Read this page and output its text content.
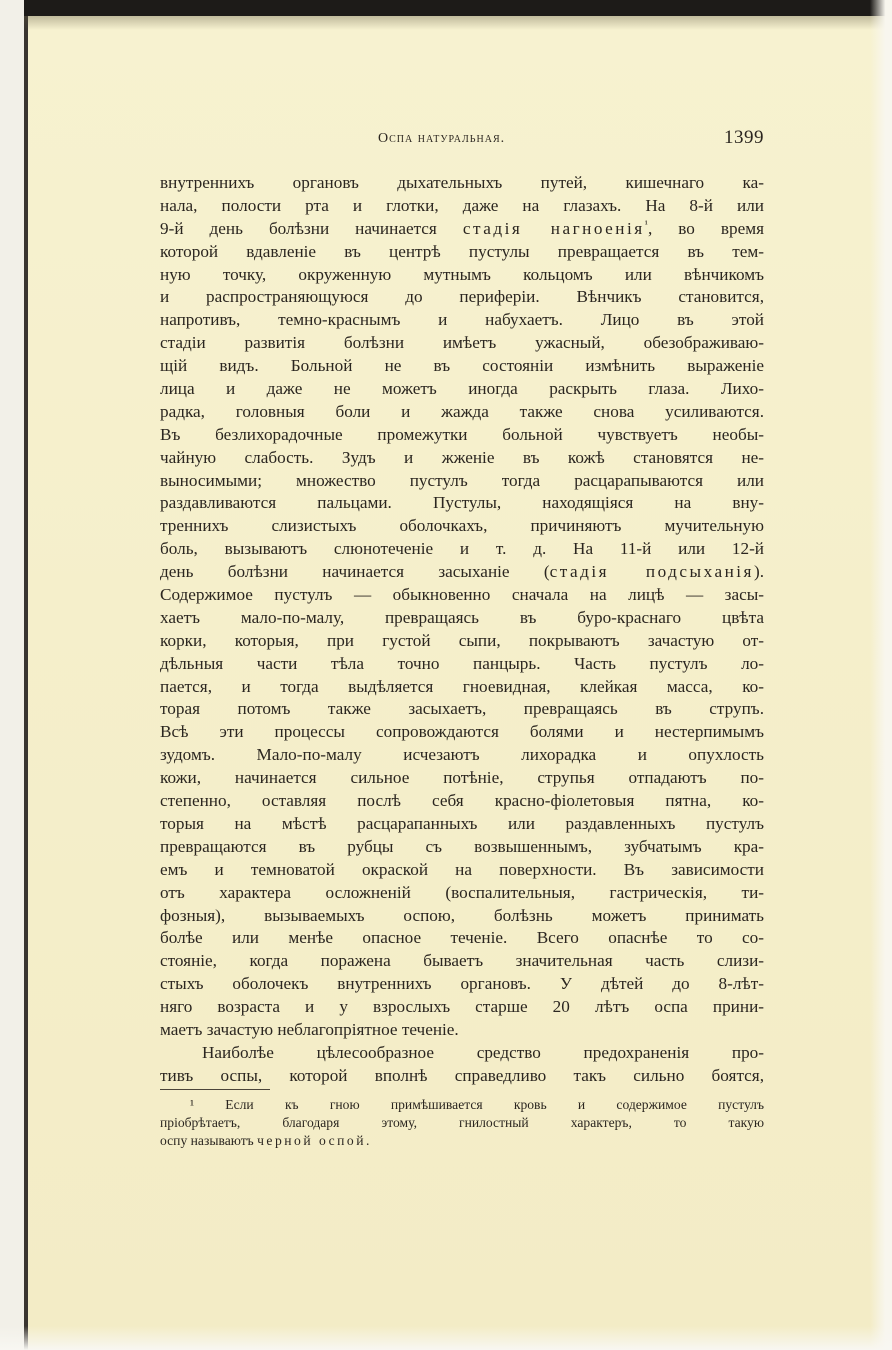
Оспа натуральная.	1399
внутреннихъ органовъ дыхательныхъ путей, кишечнаго ка-
нала, полости рта и глотки, даже на глазахъ. На 8-й или
9-й день болѣзни начинается стадія нагноенія$^{^1}$, во время
которой вдавленіе въ центрѣ пустулы превращается въ тем-
ную точку, окруженную мутнымъ кольцомъ или вѣнчикомъ
и распространяющуюся до периферіи. Вѣнчикъ становится,
напротивъ, темно-краснымъ и набухаетъ. Лицо въ этой
стадіи развитія болѣзни имѣетъ ужасный, обезображиваю-
щій видъ. Больной не въ состояніи измѣнить выраженіе
лица и даже не можетъ иногда раскрыть глаза. Лихо-
радка, головныя боли и жажда также снова усиливаются.
Въ безлихорадочные промежутки больной чувствуетъ необы-
чайную слабость. Зудъ и жженіе въ кожѣ становятся не-
выносимыми; множество пустулъ тогда расцарапываются или
раздавливаются пальцами. Пустулы, находящіяся на вну-
треннихъ слизистыхъ оболочкахъ, причиняютъ мучительную
боль, вызываютъ слюнотеченіе и т. д. На 11-й или 12-й
день болѣзни начинается засыханіе (стадія подсыханія).
Содержимое пустулъ — обыкновенно сначала на лицѣ — засы-
хаетъ мало-по-малу, превращаясь въ буро-краснаго цвѣта
корки, которыя, при густой сыпи, покрываютъ зачастую от-
дѣльныя части тѣла точно панцырь. Часть пустулъ ло-
пается, и тогда выдѣляется гноевидная, клейкая масса, ко-
торая потомъ также засыхаетъ, превращаясь въ струпъ.
Всѣ эти процессы сопровождаются болями и нестерпимымъ
зудомъ. Мало-по-малу исчезаютъ лихорадка и опухлость
кожи, начинается сильное потѣніе, струпья отпадаютъ по-
степенно, оставляя послѣ себя красно-фіолетовыя пятна, ко-
торыя на мѣстѣ расцарапанныхъ или раздавленныхъ пустулъ
превращаются въ рубцы съ возвышеннымъ, зубчатымъ кра-
емъ и темноватой окраской на поверхности. Въ зависимости
отъ характера осложненій (воспалительныя, гастрическія, ти-
фозныя), вызываемыхъ оспою, болѣзнь можетъ принимать
болѣе или менѣе опасное теченіе. Всего опаснѣе то со-
стояніе, когда поражена бываетъ значительная часть слизи-
стыхъ оболочекъ внутреннихъ органовъ. У дѣтей до 8-лѣт-
няго возраста и у взрослыхъ старше 20 лѣтъ оспа прини-
маетъ зачастую неблагопріятное теченіе.
Наиболѣе цѣлесообразное средство предохраненія про-
тивъ оспы, которой вполнѣ справедливо такъ сильно боятся,
¹ Если къ гною примѣшивается кровь и содержимое пустулъ
пріобрѣтаетъ, благодаря этому, гнилостный характеръ, то такую
оспу называютъ черной оспой.
